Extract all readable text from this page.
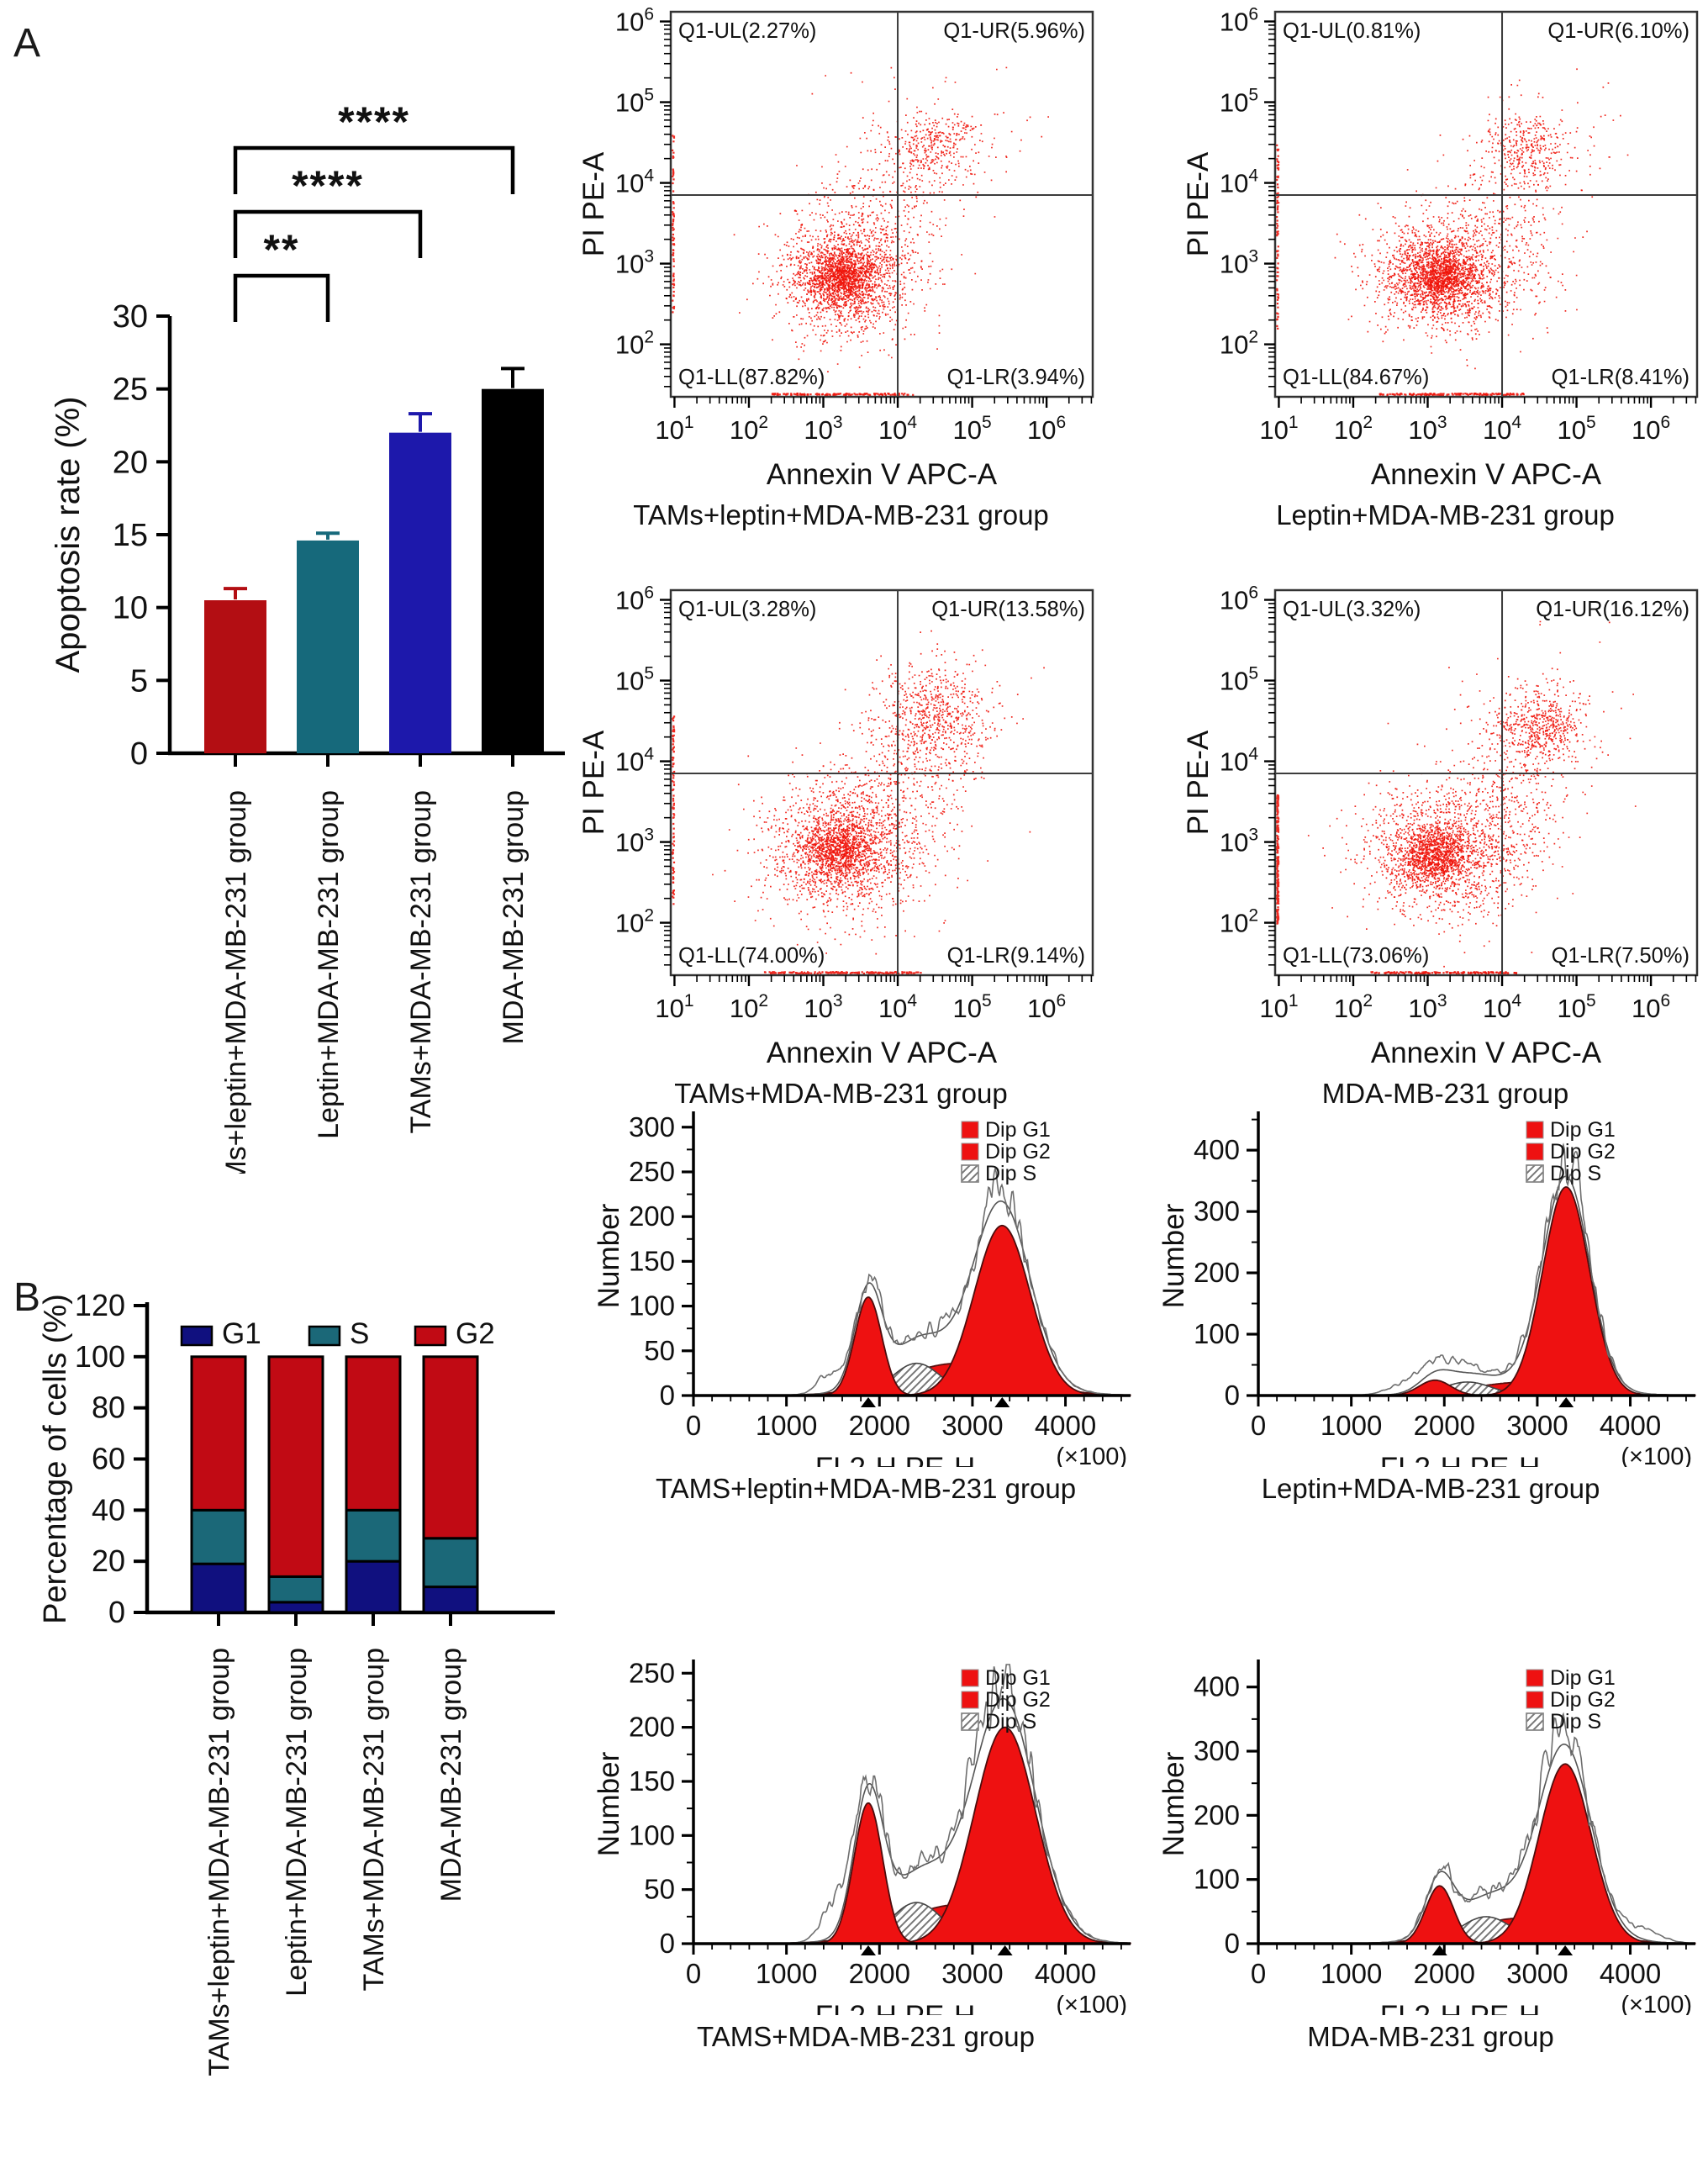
A
0
5
10
15
20
25
30
Apoptosis rate (%)
TAMs+leptin+MDA-MB-231 group Leptin+MDA-MB-231 group TAMs+MDA-MB-231 group MDA-MB-231 group
**
****
****
$10^1$ $10^2$ $10^3$ $10^4$ $10^5$ $10^6$
$10^2$
$10^3$
$10^4$
$10^5$
$10^6$
PI PE-A
Annexin V APC-A
Q1-UL(2.27%)	Q1-UR(5.96%)
Q1-LL(87.82%)	Q1-LR(3.94%)
TAMs+leptin+MDA-MB-231 group
$10^1$ $10^2$ $10^3$ $10^4$ $10^5$ $10^6$
$10^2$
$10^3$
$10^4$
$10^5$
$10^6$
PI PE-A
Annexin V APC-A
Q1-UL(0.81%)	Q1-UR(6.10%)
Q1-LL(84.67%)	Q1-LR(8.41%)
Leptin+MDA-MB-231 group
$10^1$ $10^2$ $10^3$ $10^4$ $10^5$ $10^6$
$10^2$
$10^3$
$10^4$
$10^5$
$10^6$
PI PE-A
Annexin V APC-A
Q1-UL(3.28%)	Q1-UR(13.58%)
Q1-LL(74.00%)	Q1-LR(9.14%)
TAMs+MDA-MB-231 group
$10^1$ $10^2$ $10^3$ $10^4$ $10^5$ $10^6$
$10^2$
$10^3$
$10^4$
$10^5$
$10^6$
PI PE-A
Annexin V APC-A
Q1-UL(3.32%)	Q1-UR(16.12%)
Q1-LL(73.06%)	Q1-LR(7.50%)
MDA-MB-231 group
B
0
20
40
60
80
100
120
Percentage of cells (%)	G1	S	G2
TAMs+leptin+MDA-MB-231 group Leptin+MDA-MB-231 group TAMs+MDA-MB-231 group MDA-MB-231 group
0
50
100
150
200
250
300
0 1000 2000 3000 4000
Number
(×100)
Dip G1
Dip G2
Dip S
TAMS+leptin+MDA-MB-231 group
0
100
200
300
400
0 1000 2000 3000 4000
Number
(×100)
Dip G1
Dip G2
Dip S
Leptin+MDA-MB-231 group
0
50
100
150
200
250
0 1000 2000 3000 4000
Number
(×100)
Dip G1
Dip G2
Dip S
TAMS+MDA-MB-231 group
0
100
200
300
400
0 1000 2000 3000 4000
Number
(×100)
Dip G1
Dip G2
Dip S
MDA-MB-231 group
